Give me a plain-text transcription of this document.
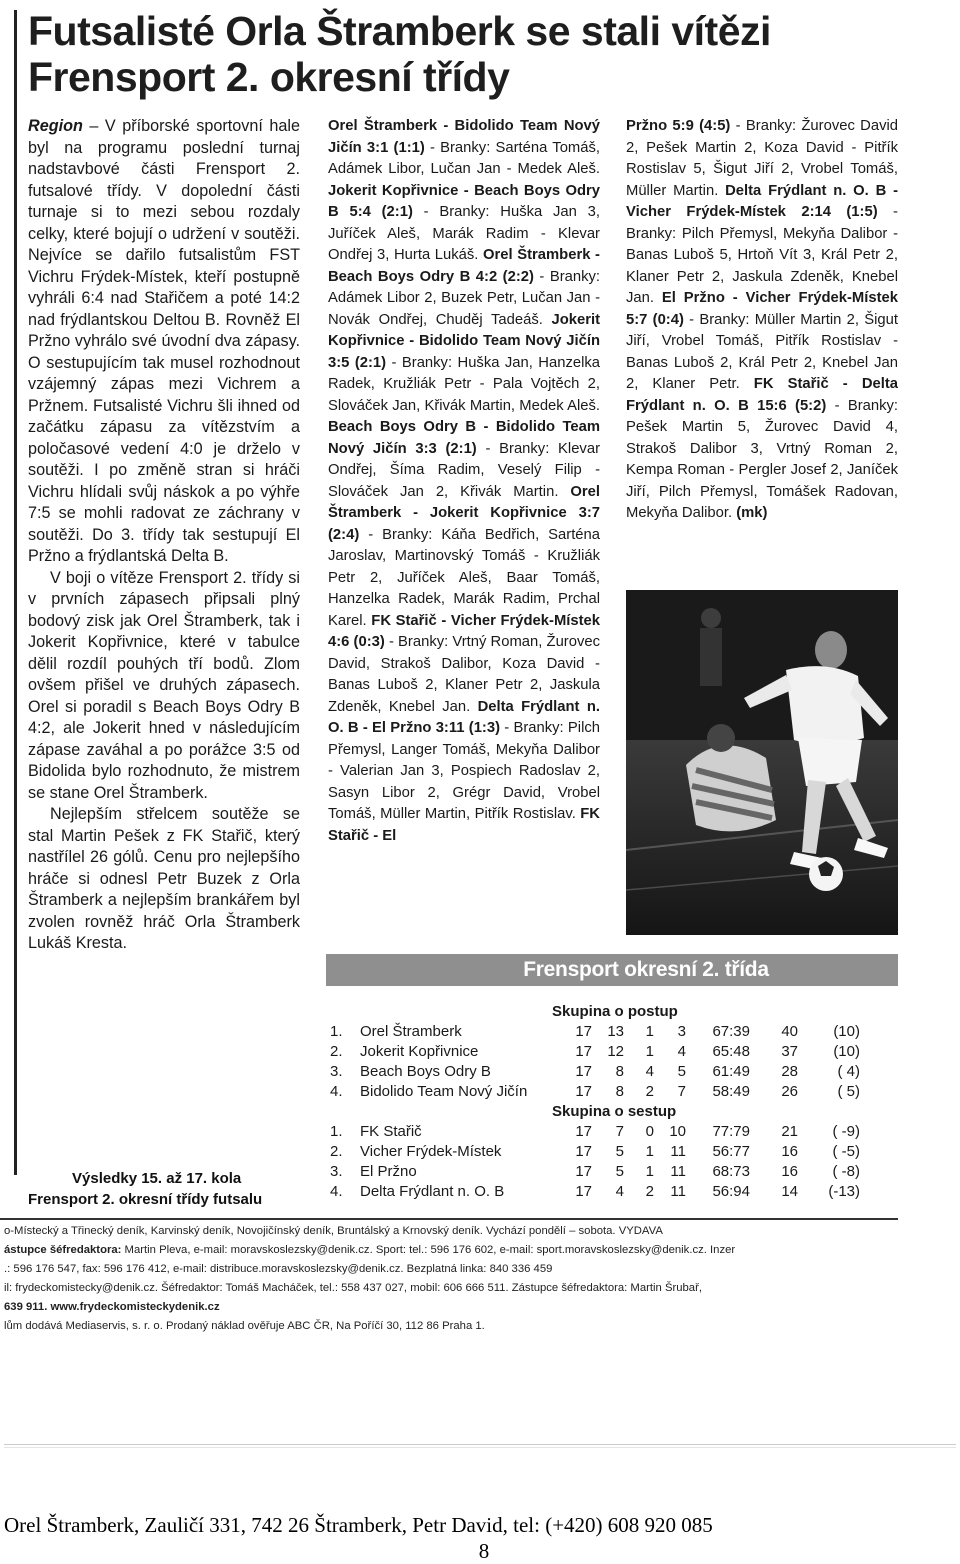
Futsalisté Orla Štramberk se stali vítězi
Frensport 2. okresní třídy

Region – V příborské sportovní hale byl na programu poslední turnaj nadstavbové části Frensport 2. futsalové třídy. V dopolední části turnaje si to mezi sebou rozdaly celky, které bojují o udržení v soutěži. Nejvíce se dařilo futsalistům FST Vichru Frýdek-Místek, kteří postupně vyhráli 6:4 nad Stařičem a poté 14:2 nad frýdlantskou Deltou B. Rovněž El Pržno vyhrálo své úvodní dva zápasy. O sestupujícím tak musel rozhodnout vzájemný zápas mezi Vichrem a Pržnem. Futsalisté Vichru šli ihned od začátku zápasu za vítězstvím a poločasové vedení 4:0 je drželo v soutěži. I po změně stran si hráči Vichru hlídali svůj náskok a po výhře 7:5 se mohli radovat ze záchrany v soutěži. Do 3. třídy tak sestupují El Pržno a frýdlantská Delta B.

V boji o vítěze Frensport 2. třídy si v prvních zápasech připsali plný bodový zisk jak Orel Štramberk, tak i Jokerit Kopřivnice, které v tabulce dělil rozdíl pouhých tří bodů. Zlom ovšem přišel ve druhých zápasech. Orel si poradil s Beach Boys Odry B 4:2, ale Jokerit hned v následujícím zápase zaváhal a po porážce 3:5 od Bidolida bylo rozhodnuto, že mistrem se stane Orel Štramberk.

Nejlepším střelcem soutěže se stal Martin Pešek z FK Stařič, který nastřílel 26 gólů. Cenu pro nejlepšího hráče si odnesl Petr Buzek z Orla Štramberk a nejlepším brankářem byl zvolen rovněž hráč Orla Štramberk Lukáš Kresta.

Výsledky 15. až 17. kola
Frensport 2. okresní třídy futsalu

Orel Štramberk - Bidolido Team Nový Jičín 3:1 (1:1) - Branky: Sarténa Tomáš, Adámek Libor, Lučan Jan - Medek Aleš. Jokerit Kopřivnice - Beach Boys Odry B 5:4 (2:1) - Branky: Huška Jan 3, Juříček Aleš, Marák Radim - Klevar Ondřej 3, Hurta Lukáš. Orel Štramberk - Beach Boys Odry B 4:2 (2:2) - Branky: Adámek Libor 2, Buzek Petr, Lučan Jan - Novák Ondřej, Chuděj Tadeáš. Jokerit Kopřivnice - Bidolido Team Nový Jičín 3:5 (2:1) - Branky: Huška Jan, Hanzelka Radek, Kružliák Petr - Pala Vojtěch 2, Slováček Jan, Křivák Martin, Medek Aleš. Beach Boys Odry B - Bidolido Team Nový Jičín 3:3 (2:1) - Branky: Klevar Ondřej, Šíma Radim, Veselý Filip - Slováček Jan 2, Křivák Martin. Orel Štramberk - Jokerit Kopřivnice 3:7 (2:4) - Branky: Káňa Bedřich, Sarténa Jaroslav, Martinovský Tomáš - Kružliák Petr 2, Juříček Aleš, Baar Tomáš, Hanzelka Radek, Marák Radim, Prchal Karel. FK Stařič - Vicher Frýdek-Místek 4:6 (0:3) - Branky: Vrtný Roman, Žurovec David, Strakoš Dalibor, Koza David - Banas Luboš 2, Klaner Petr 2, Jaskula Zdeněk, Knebel Jan. Delta Frýdlant n. O. B - El Pržno 3:11 (1:3) - Branky: Pilch Přemysl, Langer Tomáš, Mekyňa Dalibor - Valerian Jan 3, Pospiech Radoslav 2, Sasyn Libor 2, Grégr David, Vrobel Tomáš, Müller Martin, Pitřík Rostislav. FK Stařič - El

Pržno 5:9 (4:5) - Branky: Žurovec David 2, Pešek Martin 2, Koza David - Pitřík Rostislav 5, Šigut Jiří 2, Vrobel Tomáš, Müller Martin. Delta Frýdlant n. O. B - Vicher Frýdek-Místek 2:14 (1:5) - Branky: Pilch Přemysl, Mekyňa Dalibor - Banas Luboš 5, Hrtoň Vít 3, Král Petr 2, Klaner Petr 2, Jaskula Zdeněk, Knebel Jan. El Pržno - Vicher Frýdek-Místek 5:7 (0:4) - Branky: Müller Martin 2, Šigut Jiří, Vrobel Tomáš, Pitřík Rostislav - Banas Luboš 2, Král Petr 2, Knebel Jan 2, Klaner Petr. FK Stařič - Delta Frýdlant n. O. B 15:6 (5:2) - Branky: Pešek Martin 5, Žurovec David 4, Strakoš Dalibor 3, Vrtný Roman 2, Kempa Roman - Pergler Josef 2, Janíček Jiří, Pilch Přemysl, Tomášek Radovan, Mekyňa Dalibor. (mk)

Frensport okresní 2. třída
Skupina o postup
1. Orel Štramberk	17 13	1	3	67:39	40	(10)
2. Jokerit Kopřivnice	17 12	1	4	65:48	37	(10)
3. Beach Boys Odry B	17	8	4	5	61:49	28	( 4)
4. Bidolido Team Nový Jičín	17	8	2	7	58:49	26	( 5)
Skupina o sestup
1. FK Stařič	17	7	0 10	77:79	21	( -9)
2. Vicher Frýdek-Místek	17	5	1 11	56:77	16	( -5)
3. El Pržno	17	5	1 11	68:73	16	( -8)
4. Delta Frýdlant n. O. B	17	4	2 11	56:94	14	(-13)
o-Místecký a Třinecký deník, Karvinský deník, Novojičínský deník, Bruntálský a Krnovský deník. Vychází pondělí – sobota. VYDAVA
ástupce šéfredaktora: Martin Pleva, e-mail: moravskoslezsky@denik.cz. Sport: tel.: 596 176 602, e-mail: sport.moravskoslezsky@denik.cz. Inzer
.: 596 176 547, fax: 596 176 412, e-mail: distribuce.moravskoslezsky@denik.cz. Bezplatná linka: 840 336 459
il: frydeckomistecky@denik.cz. Šéfredaktor: Tomáš Macháček, tel.: 558 437 027, mobil: 606 666 511. Zástupce šéfredaktora: Martin Šrubař,
639 911. www.frydeckomisteckydenik.cz
lům dodává Mediaservis, s. r. o. Prodaný náklad ověřuje ABC ČR, Na Poříčí 30, 112 86 Praha 1.
Orel Štramberk, Zauličí 331, 742 26 Štramberk, Petr David, tel: (+420) 608 920 085
8
